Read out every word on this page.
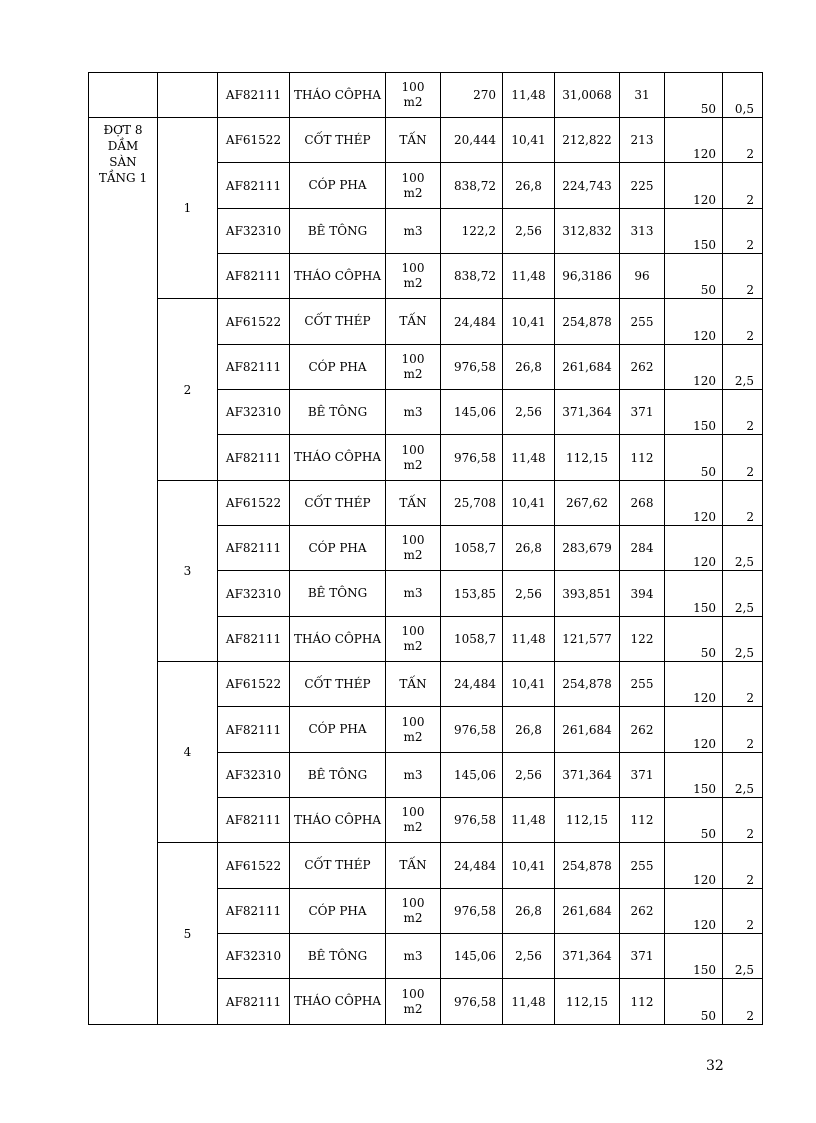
		AF82111	THÁO CÔPHA	100
m2	270	11,48	31,0068	31	50	0,5

ĐỢT 8
DẦM
SÀN
TẦNG 1	1	AF61522	CỐT THÉP	TẤN	20,444	10,41	212,822	213	120	2
		AF82111	CÓP PHA	100
m2	838,72	26,8	224,743	225	120	2
		AF32310	BÊ TÔNG	m3	122,2	2,56	312,832	313	150	2
		AF82111	THÁO CÔPHA	100
m2	838,72	11,48	96,3186	96	50	2
	2	AF61522	CỐT THÉP	TẤN	24,484	10,41	254,878	255	120	2
		AF82111	CÓP PHA	100
m2	976,58	26,8	261,684	262	120	2,5
		AF32310	BÊ TÔNG	m3	145,06	2,56	371,364	371	150	2
		AF82111	THÁO CÔPHA	100
m2	976,58	11,48	112,15	112	50	2
	3	AF61522	CỐT THÉP	TẤN	25,708	10,41	267,62	268	120	2
		AF82111	CÓP PHA	100
m2	1058,7	26,8	283,679	284	120	2,5
		AF32310	BÊ TÔNG	m3	153,85	2,56	393,851	394	150	2,5
		AF82111	THÁO CÔPHA	100
m2	1058,7	11,48	121,577	122	50	2,5
	4	AF61522	CỐT THÉP	TẤN	24,484	10,41	254,878	255	120	2
		AF82111	CÓP PHA	100
m2	976,58	26,8	261,684	262	120	2
		AF32310	BÊ TÔNG	m3	145,06	2,56	371,364	371	150	2,5
		AF82111	THÁO CÔPHA	100
m2	976,58	11,48	112,15	112	50	2
	5	AF61522	CỐT THÉP	TẤN	24,484	10,41	254,878	255	120	2
		AF82111	CÓP PHA	100
m2	976,58	26,8	261,684	262	120	2
		AF32310	BÊ TÔNG	m3	145,06	2,56	371,364	371	150	2,5
		AF82111	THÁO CÔPHA	100
m2	976,58	11,48	112,15	112	50	2
32
